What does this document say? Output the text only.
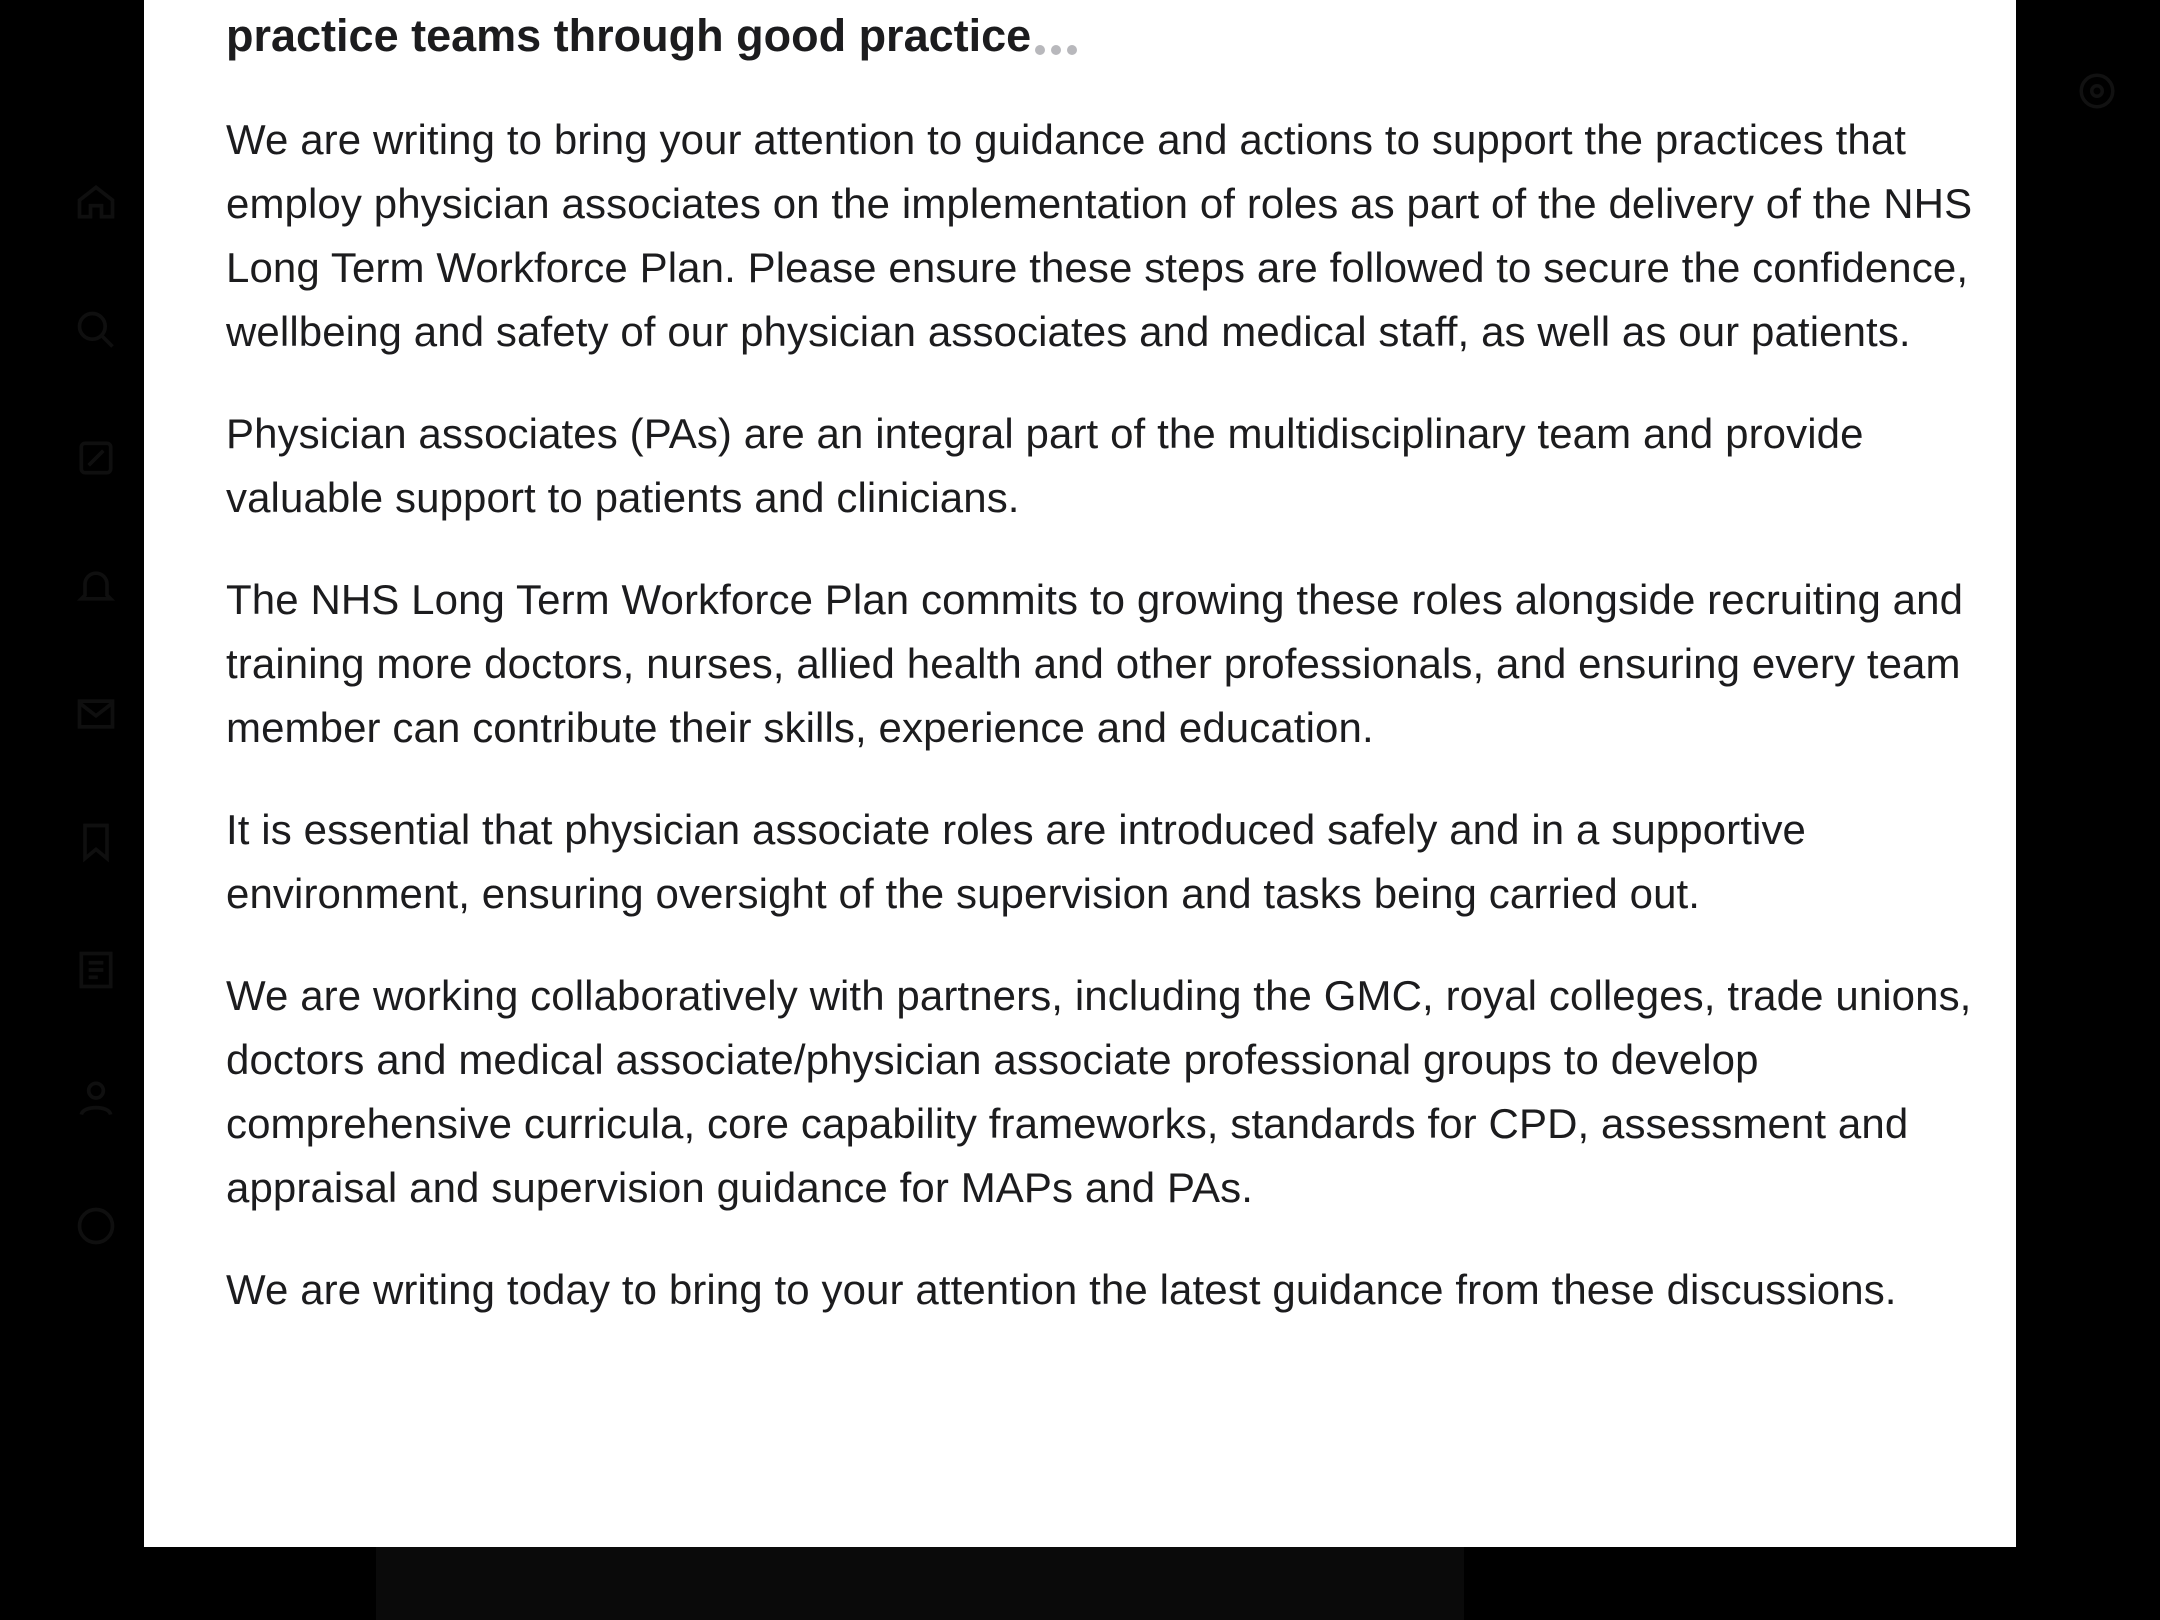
practice teams through good practice

We are writing to bring your attention to guidance and actions to support the practices that employ physician associates on the implementation of roles as part of the delivery of the NHS Long Term Workforce Plan. Please ensure these steps are followed to secure the confidence, wellbeing and safety of our physician associates and medical staff, as well as our patients.

Physician associates (PAs) are an integral part of the multidisciplinary team and provide valuable support to patients and clinicians.

The NHS Long Term Workforce Plan commits to growing these roles alongside recruiting and training more doctors, nurses, allied health and other professionals, and ensuring every team member can contribute their skills, experience and education.

It is essential that physician associate roles are introduced safely and in a supportive environment, ensuring oversight of the supervision and tasks being carried out.

We are working collaboratively with partners, including the GMC, royal colleges, trade unions, doctors and medical associate/physician associate professional groups to develop comprehensive curricula, core capability frameworks, standards for CPD, assessment and appraisal and supervision guidance for MAPs and PAs.

We are writing today to bring to your attention the latest guidance from these discussions.
